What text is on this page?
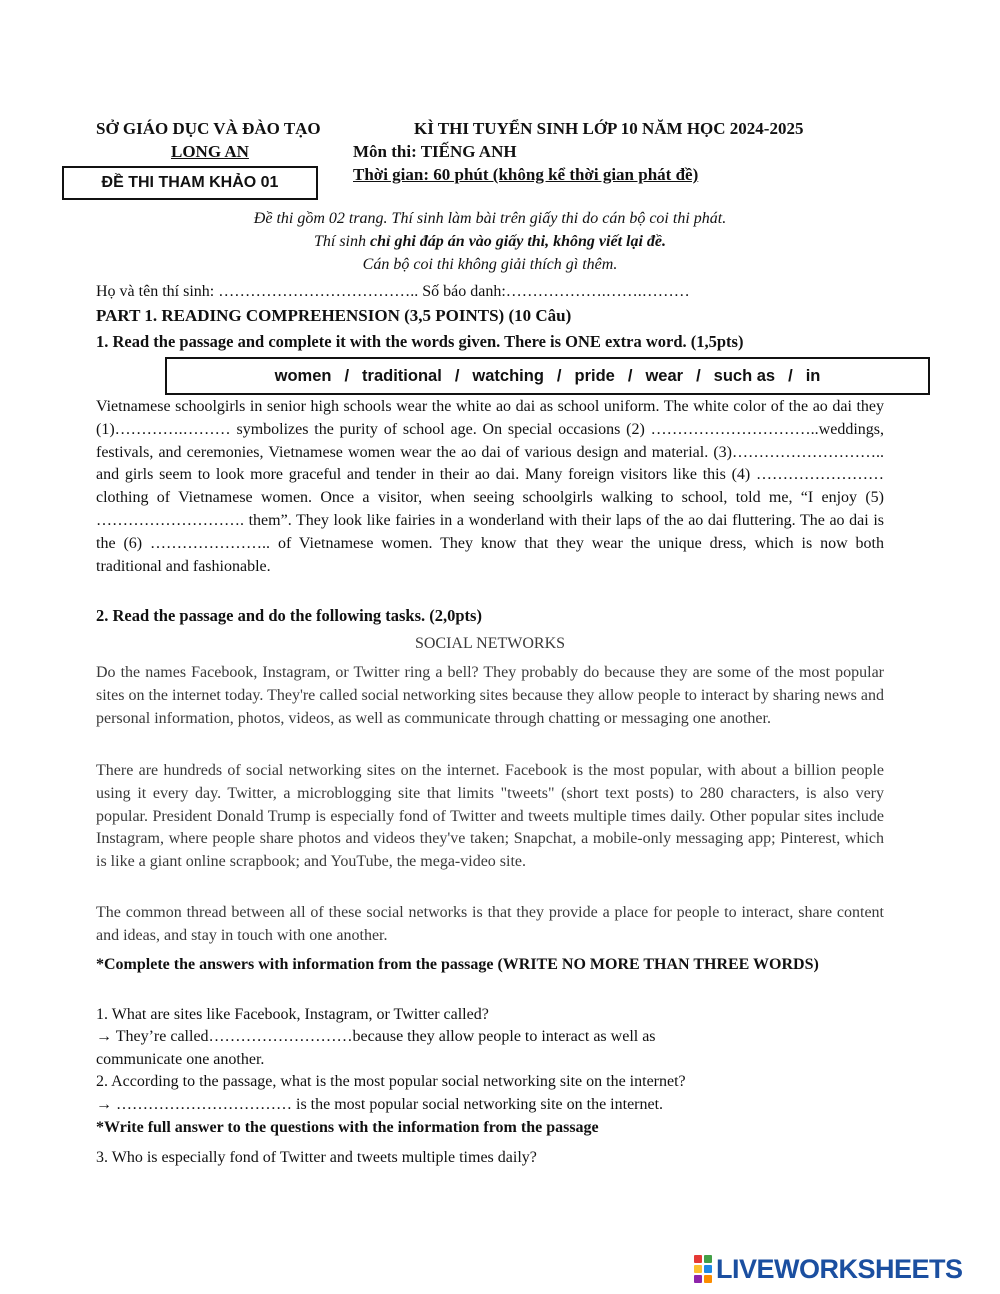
SỞ GIÁO DỤC VÀ ĐÀO TẠO	KÌ THI TUYỂN SINH LỚP 10 NĂM HỌC 2024-2025
LONG AN	Môn thi: TIẾNG ANH
Thời gian: 60 phút (không kể thời gian phát đề)
ĐỀ THI THAM KHẢO 01
Đề thi gồm 02 trang. Thí sinh làm bài trên giấy thi do cán bộ coi thi phát.
Thí sinh chỉ ghi đáp án vào giấy thi, không viết lại đề.
Cán bộ coi thi không giải thích gì thêm.
Họ và tên thí sinh: ……………………………….. Số báo danh:……………….…….………
PART 1. READING COMPREHENSION (3,5 POINTS) (10 Câu)
1. Read the passage and complete it with the words given. There is ONE extra word. (1,5pts)
women / traditional / watching / pride / wear / such as / in
Vietnamese schoolgirls in senior high schools wear the white ao dai as school uniform. The white color of the ao dai they (1)………….……… symbolizes the purity of school age. On special occasions (2) …………………………..weddings, festivals, and ceremonies, Vietnamese women wear the ao dai of various design and material. (3)……………………….. and girls seem to look more graceful and tender in their ao dai. Many foreign visitors like this (4) …………………… clothing of Vietnamese women. Once a visitor, when seeing schoolgirls walking to school, told me, “I enjoy (5) ………………………. them”. They look like fairies in a wonderland with their laps of the ao dai fluttering. The ao dai is the (6) ………………….. of Vietnamese women. They know that they wear the unique dress, which is now both traditional and fashionable.
2. Read the passage and do the following tasks. (2,0pts)
SOCIAL NETWORKS
Do the names Facebook, Instagram, or Twitter ring a bell? They probably do because they are some of the most popular sites on the internet today. They're called social networking sites because they allow people to interact by sharing news and personal information, photos, videos, as well as communicate through chatting or messaging one another.
There are hundreds of social networking sites on the internet. Facebook is the most popular, with about a billion people using it every day. Twitter, a microblogging site that limits "tweets" (short text posts) to 280 characters, is also very popular. President Donald Trump is especially fond of Twitter and tweets multiple times daily. Other popular sites include Instagram, where people share photos and videos they've taken; Snapchat, a mobile-only messaging app; Pinterest, which is like a giant online scrapbook; and YouTube, the mega-video site.
The common thread between all of these social networks is that they provide a place for people to interact, share content and ideas, and stay in touch with one another.
*Complete the answers with information from the passage (WRITE NO MORE THAN THREE WORDS)
1. What are sites like Facebook, Instagram, or Twitter called?
→ They’re called………………………because they allow people to interact as well as
communicate one another.
2. According to the passage, what is the most popular social networking site on the internet?
→ …………………………… is the most popular social networking site on the internet.
*Write full answer to the questions with the information from the passage
3. Who is especially fond of Twitter and tweets multiple times daily?
LIVEWORKSHEETS
